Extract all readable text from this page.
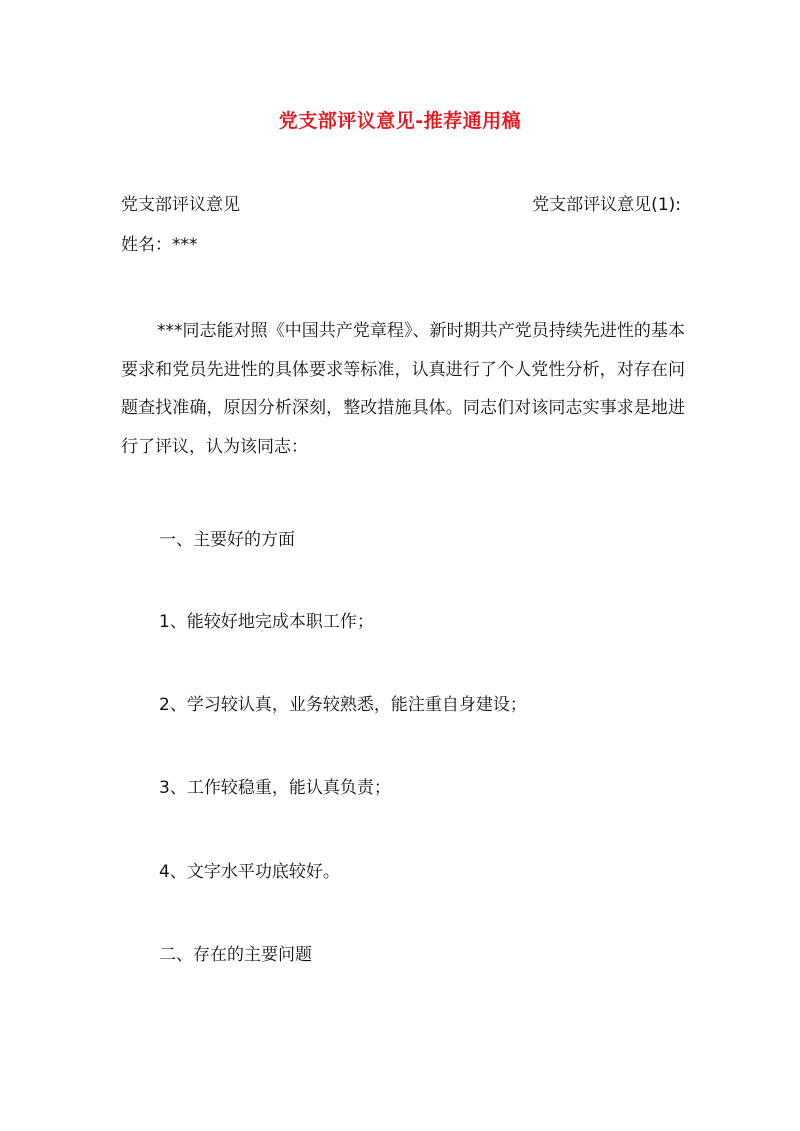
党支部评议意见-推荐通用稿
党支部评议意见	党支部评议意见(1):
姓名：***
***同志能对照《中国共产党章程》、新时期共产党员持续先进性的基本要求和党员先进性的具体要求等标准，认真进行了个人党性分析，对存在问题查找准确，原因分析深刻，整改措施具体。同志们对该同志实事求是地进行了评议，认为该同志：
一、主要好的方面
1、能较好地完成本职工作；
2、学习较认真，业务较熟悉，能注重自身建设；
3、工作较稳重，能认真负责；
4、文字水平功底较好。
二、存在的主要问题
